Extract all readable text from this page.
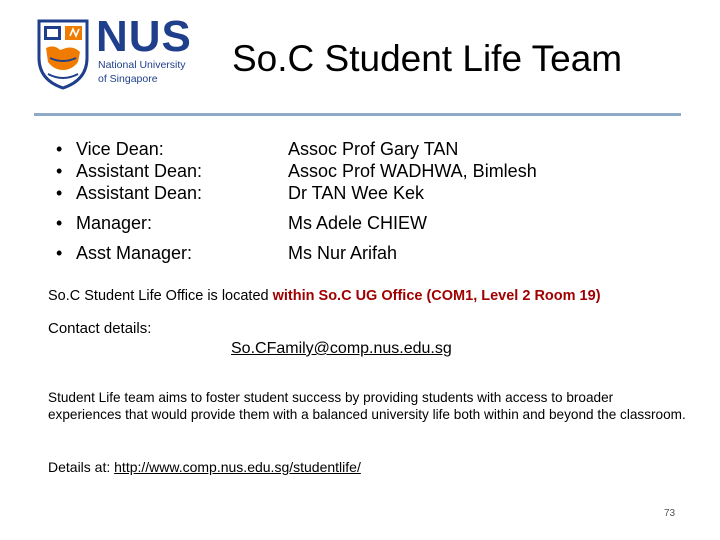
NUS
National University
of Singapore	So.C Student Life Team
• Vice Dean:	Assoc Prof Gary TAN
• Assistant Dean:	Assoc Prof WADHWA, Bimlesh
• Assistant Dean:	Dr TAN Wee Kek
• Manager:	Ms Adele CHIEW
• Asst Manager:	Ms Nur Arifah
So.C Student Life Office is located within So.C UG Office (COM1, Level 2 Room 19)
Contact details:
So.CFamily@comp.nus.edu.sg
Student Life team aims to foster student success by providing students with access to broader experiences that would provide them with a balanced university life both within and beyond the classroom.
Details at: http://www.comp.nus.edu.sg/studentlife/
73
